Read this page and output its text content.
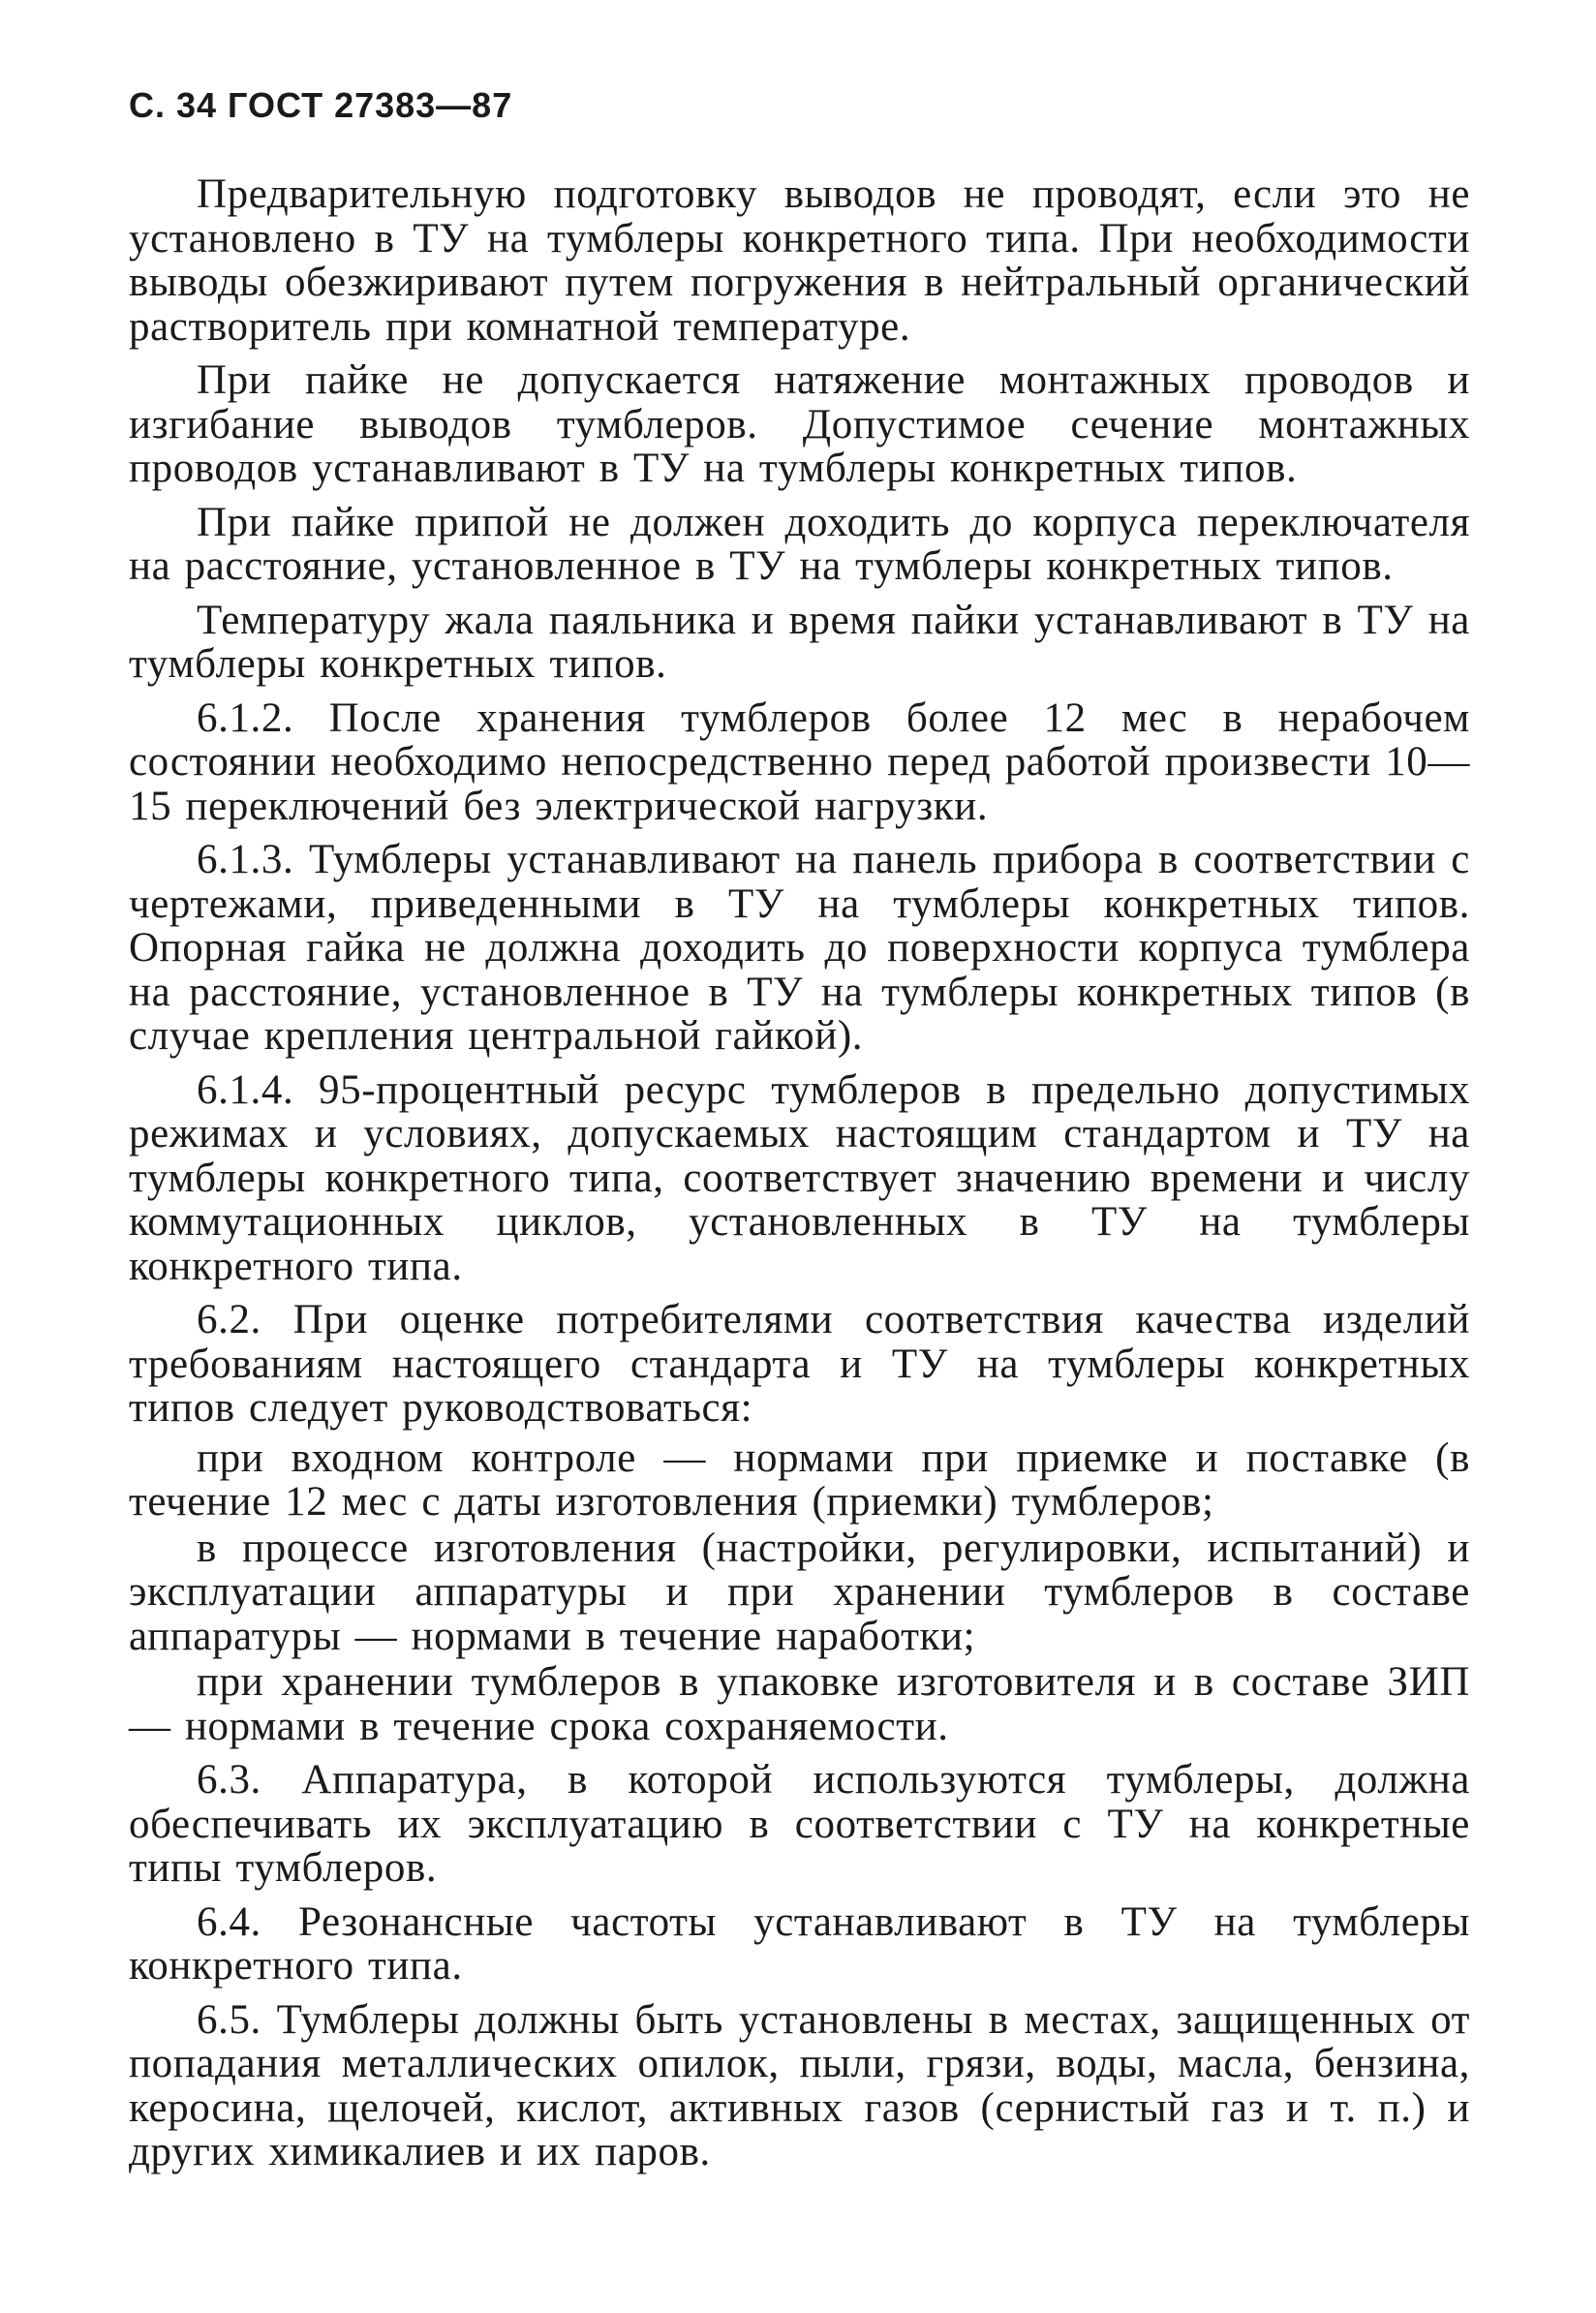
С. 34 ГОСТ 27383—87

Предварительную подготовку выводов не проводят, если это не установлено в ТУ на тумблеры конкретного типа. При необходимости выводы обезжиривают путем погружения в нейтральный органический растворитель при комнатной температуре.

При пайке не допускается натяжение монтажных проводов и изгибание выводов тумблеров. Допустимое сечение монтажных проводов устанавливают в ТУ на тумблеры конкретных типов.

При пайке припой не должен доходить до корпуса переключателя на расстояние, установленное в ТУ на тумблеры конкретных типов.

Температуру жала паяльника и время пайки устанавливают в ТУ на тумблеры конкретных типов.

6.1.2. После хранения тумблеров более 12 мес в нерабочем состоянии необходимо непосредственно перед работой произвести 10—15 переключений без электрической нагрузки.

6.1.3. Тумблеры устанавливают на панель прибора в соответствии с чертежами, приведенными в ТУ на тумблеры конкретных типов. Опорная гайка не должна доходить до поверхности корпуса тумблера на расстояние, установленное в ТУ на тумблеры конкретных типов (в случае крепления центральной гайкой).

6.1.4. 95-процентный ресурс тумблеров в предельно допустимых режимах и условиях, допускаемых настоящим стандартом и ТУ на тумблеры конкретного типа, соответствует значению времени и числу коммутационных циклов, установленных в ТУ на тумблеры конкретного типа.

6.2. При оценке потребителями соответствия качества изделий требованиям настоящего стандарта и ТУ на тумблеры конкретных типов следует руководствоваться:

при входном контроле — нормами при приемке и поставке (в течение 12 мес с даты изготовления (приемки) тумблеров;

в процессе изготовления (настройки, регулировки, испытаний) и эксплуатации аппаратуры и при хранении тумблеров в составе аппаратуры — нормами в течение наработки;

при хранении тумблеров в упаковке изготовителя и в составе ЗИП — нормами в течение срока сохраняемости.

6.3. Аппаратура, в которой используются тумблеры, должна обеспечивать их эксплуатацию в соответствии с ТУ на конкретные типы тумблеров.

6.4. Резонансные частоты устанавливают в ТУ на тумблеры конкретного типа.

6.5. Тумблеры должны быть установлены в местах, защищенных от попадания металлических опилок, пыли, грязи, воды, масла, бензина, керосина, щелочей, кислот, активных газов (сернистый газ и т. п.) и других химикалиев и их паров.
